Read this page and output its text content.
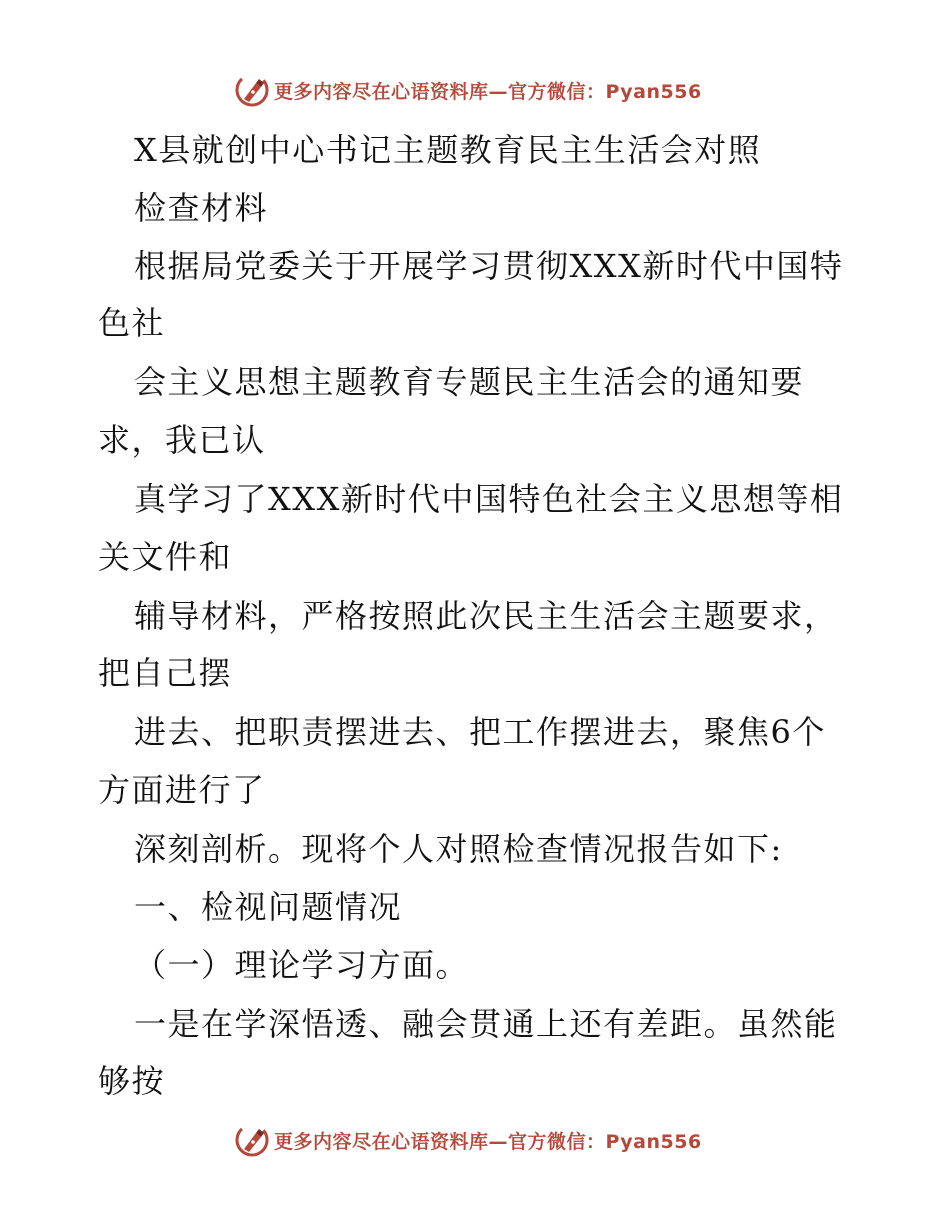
更多内容尽在心语资料库—官方微信：Pyan556
X县就创中心书记主题教育民主生活会对照
检查材料
根据局党委关于开展学习贯彻XXX新时代中国特
色社
会主义思想主题教育专题民主生活会的通知要
求，我已认
真学习了XXX新时代中国特色社会主义思想等相
关文件和
辅导材料，严格按照此次民主生活会主题要求，
把自己摆
进去、把职责摆进去、把工作摆进去，聚焦6个
方面进行了
深刻剖析。现将个人对照检查情况报告如下:
一、检视问题情况
（一）理论学习方面。
一是在学深悟透、融会贯通上还有差距。虽然能
够按
更多内容尽在心语资料库—官方微信：Pyan556
